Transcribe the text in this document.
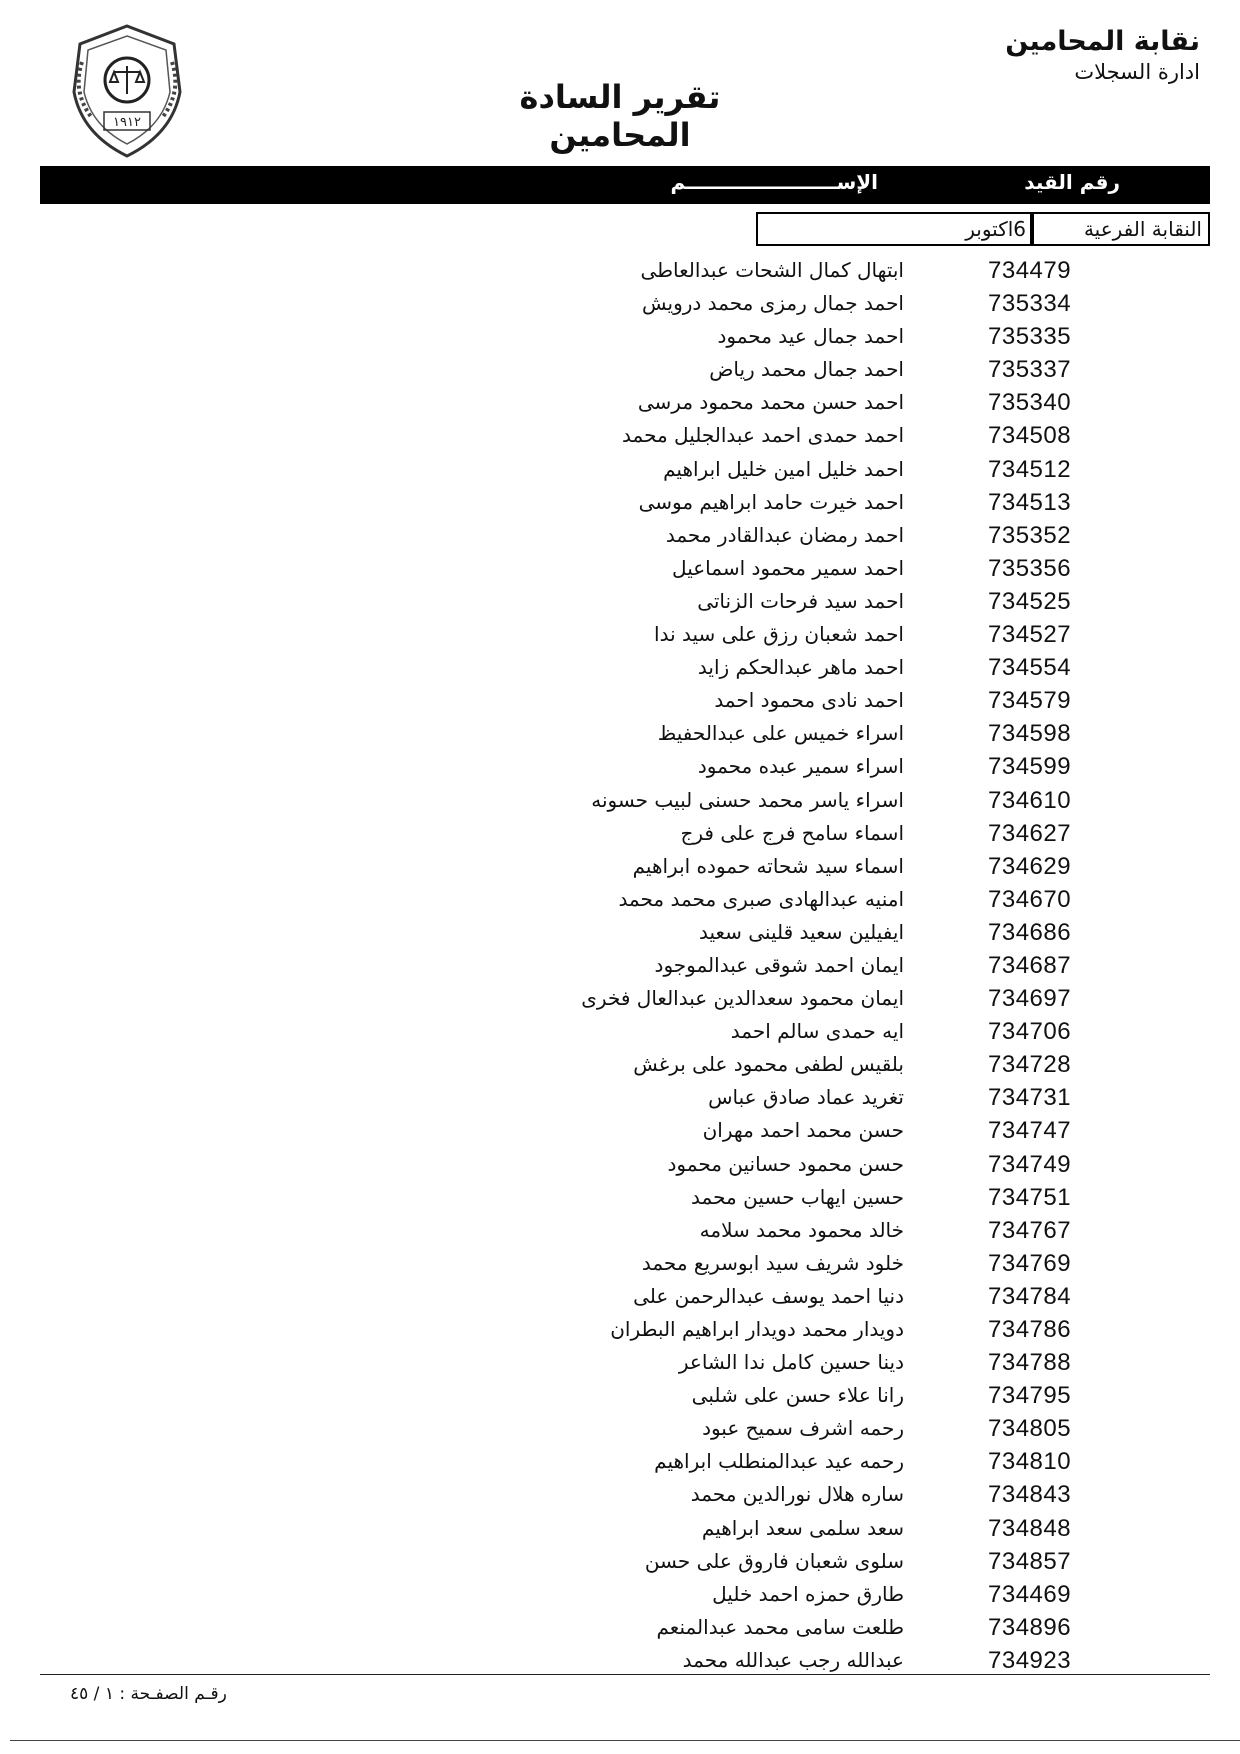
نقابة المحامين
ادارة السجلات
تقرير السادة المحامين
١٩١٢
رقم القيد
الإســــــــــــــــــــــم
6اكتوبر	النقابة الفرعية
734479
ابتهال كمال الشحات عبدالعاطى
735334
احمد جمال رمزى محمد درويش
735335
احمد جمال عيد محمود
735337
احمد جمال محمد رياض
735340
احمد حسن محمد محمود مرسى
734508
احمد حمدى احمد عبدالجليل محمد
734512
احمد خليل امين خليل ابراهيم
734513
احمد خيرت حامد ابراهيم موسى
735352
احمد رمضان عبدالقادر محمد
735356
احمد سمير محمود اسماعيل
734525
احمد سيد فرحات الزناتى
734527
احمد شعبان رزق على سيد ندا
734554
احمد ماهر عبدالحكم زايد
734579
احمد نادى محمود احمد
734598
اسراء خميس على عبدالحفيظ
734599
اسراء سمير عبده محمود
734610
اسراء ياسر محمد حسنى لبيب حسونه
734627
اسماء سامح فرج على فرج
734629
اسماء سيد شحاته حموده ابراهيم
734670
امنيه عبدالهادى صبرى محمد محمد
734686
ايفيلين سعيد قلينى سعيد
734687
ايمان احمد شوقى عبدالموجود
734697
ايمان محمود سعدالدين عبدالعال فخرى
734706
ايه حمدى سالم احمد
734728
بلقيس لطفى محمود على برغش
734731
تغريد عماد صادق عباس
734747
حسن محمد احمد مهران
734749
حسن محمود حسانين محمود
734751
حسين ايهاب حسين محمد
734767
خالد محمود محمد سلامه
734769
خلود شريف سيد ابوسريع محمد
734784
دنيا احمد يوسف عبدالرحمن على
734786
دويدار محمد دويدار ابراهيم البطران
734788
دينا حسين كامل ندا الشاعر
734795
رانا علاء حسن على شلبى
734805
رحمه اشرف سميح عبود
734810
رحمه عيد عبدالمنطلب ابراهيم
734843
ساره هلال نورالدين محمد
734848
سعد سلمى سعد ابراهيم
734857
سلوى شعبان فاروق على حسن
734469
طارق حمزه احمد خليل
734896
طلعت سامى محمد عبدالمنعم
734923
عبدالله رجب عبدالله محمد
رقـم الصفـحة : ١ / ٤٥
